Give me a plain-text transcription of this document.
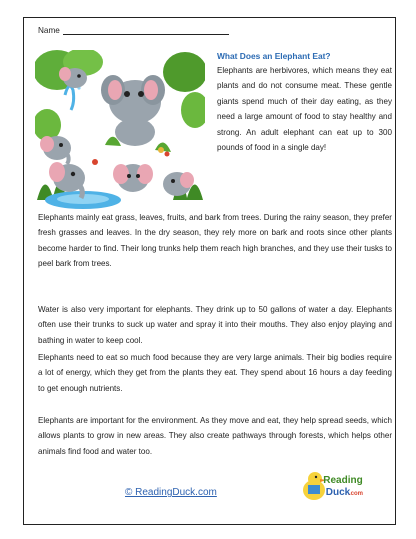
Name
What Does an Elephant Eat?

Elephants are herbivores, which means they eat plants and do not consume meat. These gentle giants spend much of their day eating, as they need a large amount of food to stay healthy and strong. An adult elephant can eat up to 300 pounds of food in a single day!

Elephants mainly eat grass, leaves, fruits, and bark from trees. During the rainy season, they prefer fresh grasses and leaves. In the dry season, they rely more on bark and roots since other plants become harder to find. Their long trunks help them reach high branches, and they use their tusks to peel bark from trees.

Water is also very important for elephants. They drink up to 50 gallons of water a day. Elephants often use their trunks to suck up water and spray it into their mouths. They also enjoy playing and bathing in water to keep cool.

Elephants need to eat so much food because they are very large animals. Their big bodies require a lot of energy, which they get from the plants they eat. They spend about 16 hours a day feeding to get enough nutrients.

Elephants are important for the environment. As they move and eat, they help spread seeds, which allows plants to grow in new areas. They also create pathways through forests, which helps other animals find food and water too.

© ReadingDuck.com
Reading
Duck
.com
